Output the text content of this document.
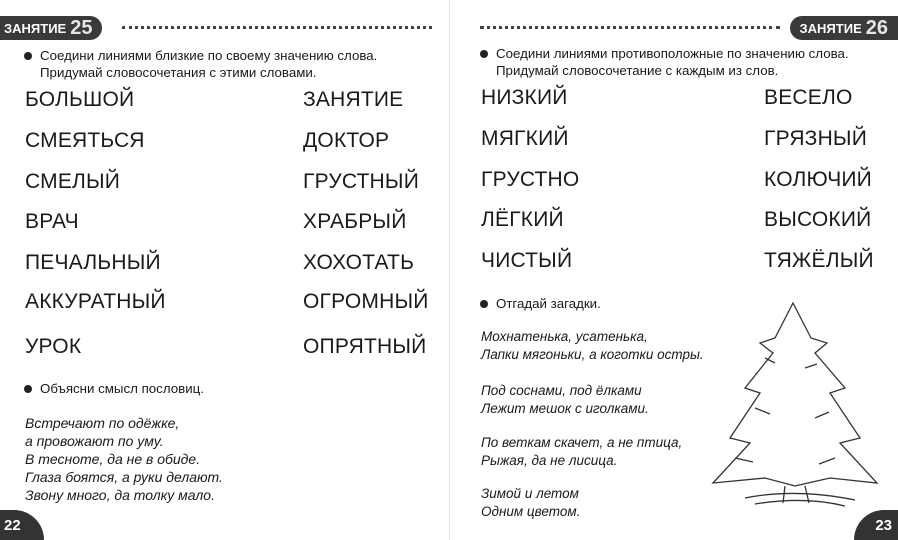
ЗАНЯТИЕ 25
Соедини линиями близкие по своему значению слова. Придумай словосочетания с этими словами.
БОЛЬШОЙ
СМЕЯТЬСЯ
СМЕЛЫЙ
ВРАЧ
ПЕЧАЛЬНЫЙ
АККУРАТНЫЙ
УРОК
ЗАНЯТИЕ
ДОКТОР
ГРУСТНЫЙ
ХРАБРЫЙ
ХОХОТАТЬ
ОГРОМНЫЙ
ОПРЯТНЫЙ
Объясни смысл пословиц.
Встречают по одёжке,
а провожают по уму.
В тесноте, да не в обиде.
Глаза боятся, а руки делают.
Звону много, да толку мало.
22
ЗАНЯТИЕ 26
Соедини линиями противоположные по значению слова. Придумай словосочетание с каждым из слов.
НИЗКИЙ
МЯГКИЙ
ГРУСТНО
ЛЁГКИЙ
ЧИСТЫЙ
ВЕСЕЛО
ГРЯЗНЫЙ
КОЛЮЧИЙ
ВЫСОКИЙ
ТЯЖЁЛЫЙ
Отгадай загадки.
Мохнатенька, усатенька,
Лапки мягоньки, а коготки остры.
Под соснами, под ёлками
Лежит мешок с иголками.
По веткам скачет, а не птица,
Рыжая, да не лисица.
Зимой и летом
Одним цветом.
23
